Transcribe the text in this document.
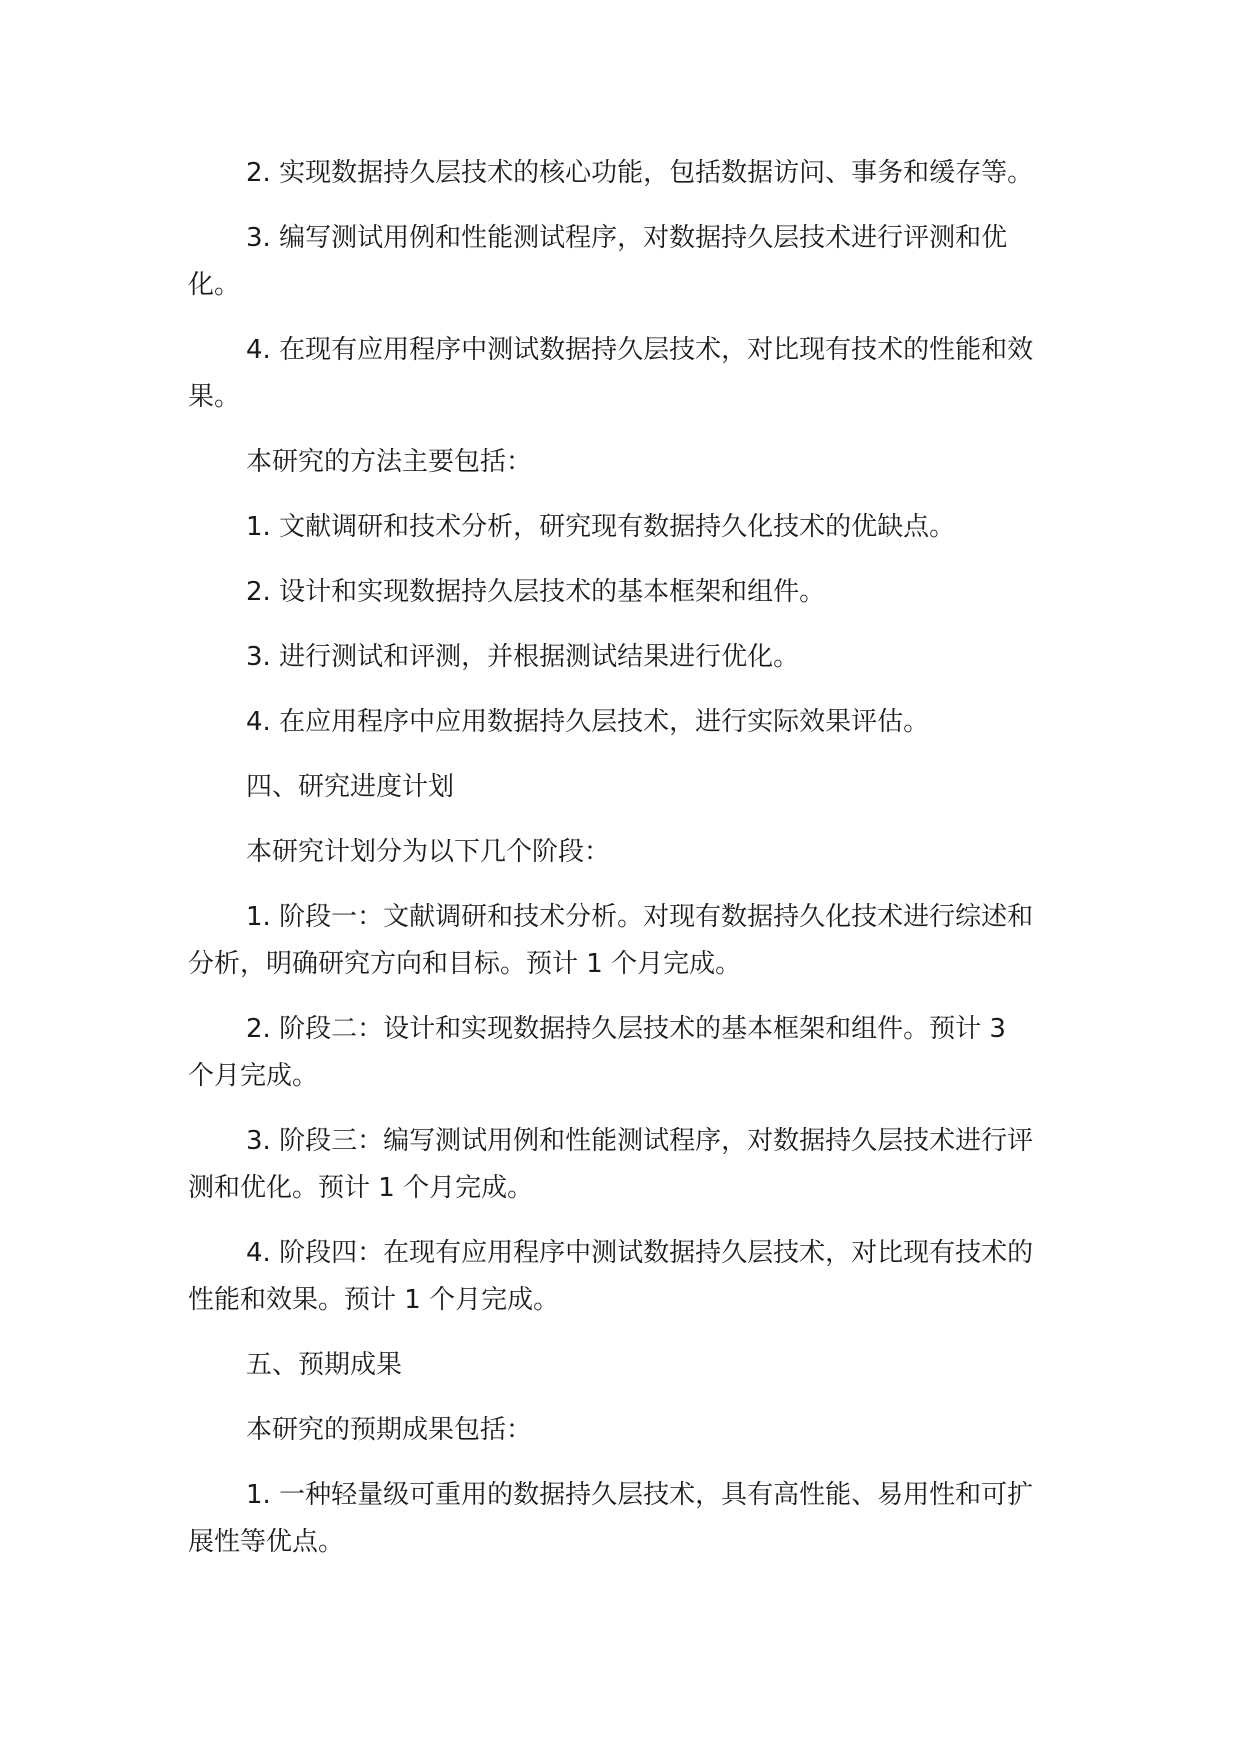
2. 实现数据持久层技术的核心功能，包括数据访问、事务和缓存等。

3. 编写测试用例和性能测试程序，对数据持久层技术进行评测和优化。

4. 在现有应用程序中测试数据持久层技术，对比现有技术的性能和效果。

本研究的方法主要包括：

1. 文献调研和技术分析，研究现有数据持久化技术的优缺点。

2. 设计和实现数据持久层技术的基本框架和组件。

3. 进行测试和评测，并根据测试结果进行优化。

4. 在应用程序中应用数据持久层技术，进行实际效果评估。

四、研究进度计划

本研究计划分为以下几个阶段：

1. 阶段一：文献调研和技术分析。对现有数据持久化技术进行综述和分析，明确研究方向和目标。预计 1 个月完成。

2. 阶段二：设计和实现数据持久层技术的基本框架和组件。预计 3 个月完成。

3. 阶段三：编写测试用例和性能测试程序，对数据持久层技术进行评测和优化。预计 1 个月完成。

4. 阶段四：在现有应用程序中测试数据持久层技术，对比现有技术的性能和效果。预计 1 个月完成。

五、预期成果

本研究的预期成果包括：

1. 一种轻量级可重用的数据持久层技术，具有高性能、易用性和可扩展性等优点。
